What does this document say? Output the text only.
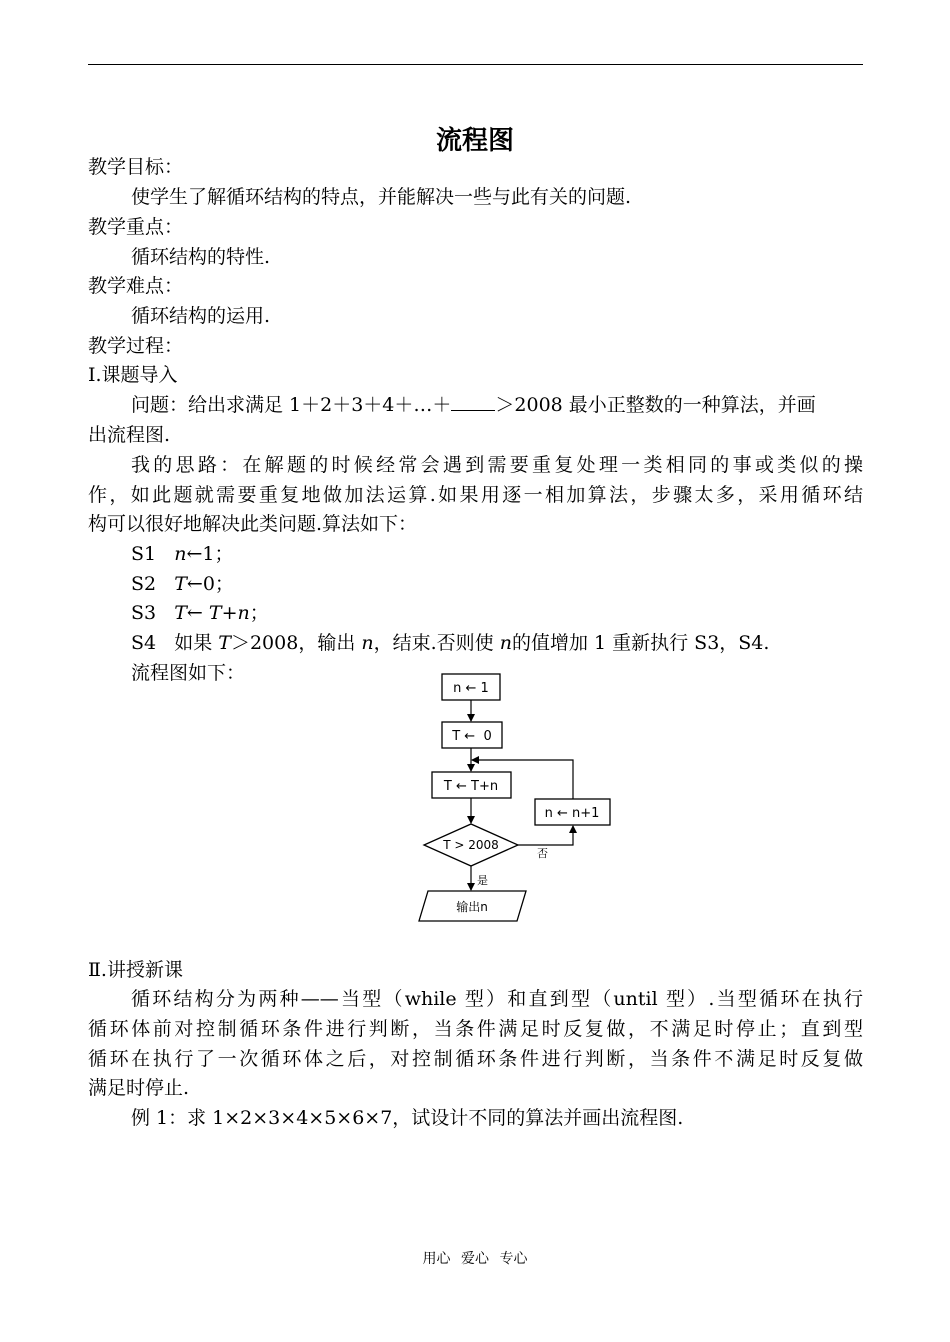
流程图
教学目标：
使学生了解循环结构的特点，并能解决一些与此有关的问题.
教学重点：
循环结构的特性.
教学难点：
循环结构的运用.
教学过程：
Ⅰ.课题导入
问题：给出求满足 1＋2＋3＋4＋…＋ ＞2008 最小正整数的一种算法，并画
出流程图.
我的思路：在解题的时候经常会遇到需要重复处理一类相同的事或类似的操
作，如此题就需要重复地做加法运算.如果用逐一相加算法，步骤太多，采用循环结
构可以很好地解决此类问题.算法如下：
S1 n←1；
S2 T←0；
S3 T← T+n；
S4 如果 T＞2008，输出 n，结束.否则使 n的值增加 1 重新执行 S3，S4.
流程图如下：
n ← 1
T ←  0
T ← T+n
T > 2008
是
输出n
否
n ← n+1
Ⅱ.讲授新课
循环结构分为两种——当型（while 型）和直到型（until 型）.当型循环在执行
循环体前对控制循环条件进行判断，当条件满足时反复做，不满足时停止；直到型
循环在执行了一次循环体之后，对控制循环条件进行判断，当条件不满足时反复做
满足时停止.
例 1：求 1×2×3×4×5×6×7，试设计不同的算法并画出流程图.
用心 爱心 专心
